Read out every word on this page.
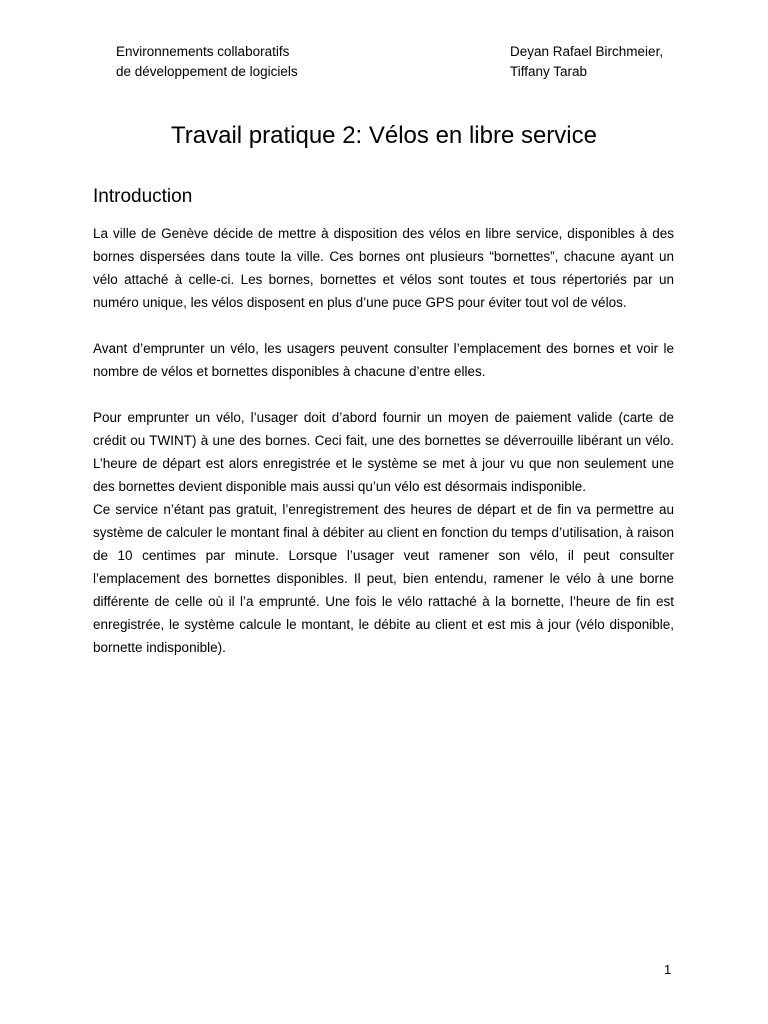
Environnements collaboratifs
de développement de logiciels
Deyan Rafael Birchmeier,
Tiffany Tarab
Travail pratique 2: Vélos en libre service
Introduction

La ville de Genève décide de mettre à disposition des vélos en libre service, disponibles à des bornes dispersées dans toute la ville. Ces bornes ont plusieurs “bornettes”, chacune ayant un vélo attaché à celle-ci. Les bornes, bornettes et vélos sont toutes et tous répertoriés par un numéro unique, les vélos disposent en plus d’une puce GPS pour éviter tout vol de vélos.

Avant d’emprunter un vélo, les usagers peuvent consulter l’emplacement des bornes et voir le nombre de vélos et bornettes disponibles à chacune d’entre elles.

Pour emprunter un vélo, l’usager doit d’abord fournir un moyen de paiement valide (carte de crédit ou TWINT) à une des bornes. Ceci fait, une des bornettes se déverrouille libérant un vélo. L’heure de départ est alors enregistrée et le système se met à jour vu que non seulement une des bornettes devient disponible mais aussi qu’un vélo est désormais indisponible.

Ce service n’étant pas gratuit, l’enregistrement des heures de départ et de fin va permettre au système de calculer le montant final à débiter au client en fonction du temps d’utilisation, à raison de 10 centimes par minute. Lorsque l’usager veut ramener son vélo, il peut consulter l’emplacement des bornettes disponibles. Il peut, bien entendu, ramener le vélo à une borne différente de celle où il l’a emprunté. Une fois le vélo rattaché à la bornette, l’heure de fin est enregistrée, le système calcule le montant, le débite au client et est mis à jour (vélo disponible, bornette indisponible).

1
